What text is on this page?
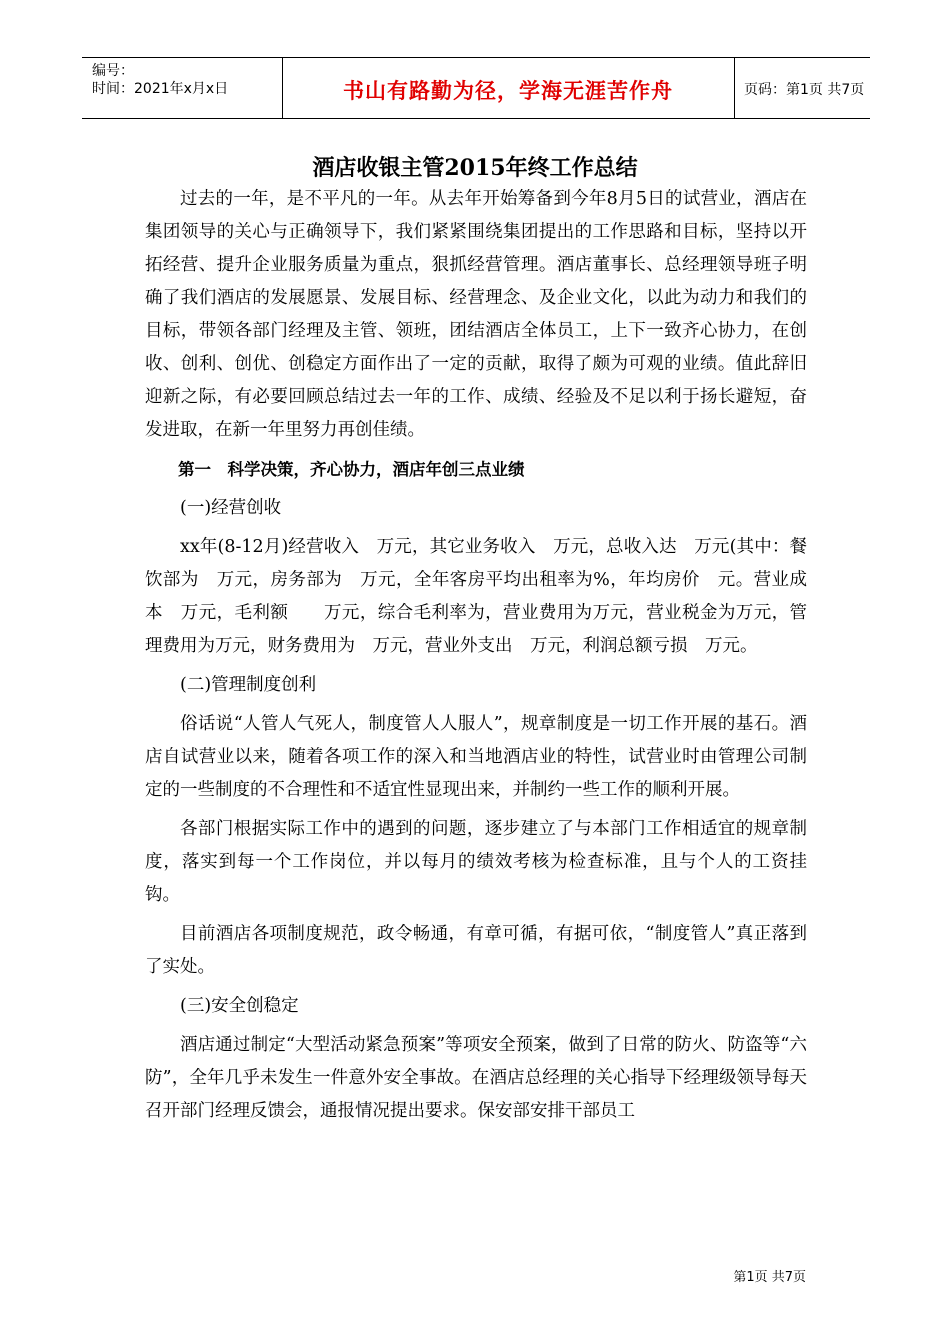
编号：
时间：2021年x月x日	书山有路勤为径，学海无涯苦作舟	页码：第1页 共7页
酒店收银主管2015年终工作总结

过去的一年，是不平凡的一年。从去年开始筹备到今年8月5日的试营业，酒店在集团领导的关心与正确领导下，我们紧紧围绕集团提出的工作思路和目标，坚持以开拓经营、提升企业服务质量为重点，狠抓经营管理。酒店董事长、总经理领导班子明确了我们酒店的发展愿景、发展目标、经营理念、及企业文化，以此为动力和我们的目标，带领各部门经理及主管、领班，团结酒店全体员工，上下一致齐心协力，在创收、创利、创优、创稳定方面作出了一定的贡献，取得了颇为可观的业绩。值此辞旧迎新之际，有必要回顾总结过去一年的工作、成绩、经验及不足以利于扬长避短，奋发进取，在新一年里努力再创佳绩。

第一　科学决策，齐心协力，酒店年创三点业绩

(一)经营创收

xx年(8-12月)经营收入　万元，其它业务收入　万元，总收入达　万元(其中：餐饮部为　万元，房务部为　万元，全年客房平均出租率为%，年均房价　元。营业成本　万元，毛利额　　万元，综合毛利率为，营业费用为万元，营业税金为万元，管理费用为万元，财务费用为　万元，营业外支出　万元，利润总额亏损　万元。

(二)管理制度创利

俗话说“人管人气死人，制度管人人服人”，规章制度是一切工作开展的基石。酒店自试营业以来，随着各项工作的深入和当地酒店业的特性，试营业时由管理公司制定的一些制度的不合理性和不适宜性显现出来，并制约一些工作的顺利开展。

各部门根据实际工作中的遇到的问题，逐步建立了与本部门工作相适宜的规章制度，落实到每一个工作岗位，并以每月的绩效考核为检查标准，且与个人的工资挂钩。

目前酒店各项制度规范，政令畅通，有章可循，有据可依，“制度管人”真正落到了实处。

(三)安全创稳定

酒店通过制定“大型活动紧急预案”等项安全预案，做到了日常的防火、防盗等“六防”，全年几乎未发生一件意外安全事故。在酒店总经理的关心指导下经理级领导每天召开部门经理反馈会，通报情况提出要求。保安部安排干部员工

第1页 共7页
